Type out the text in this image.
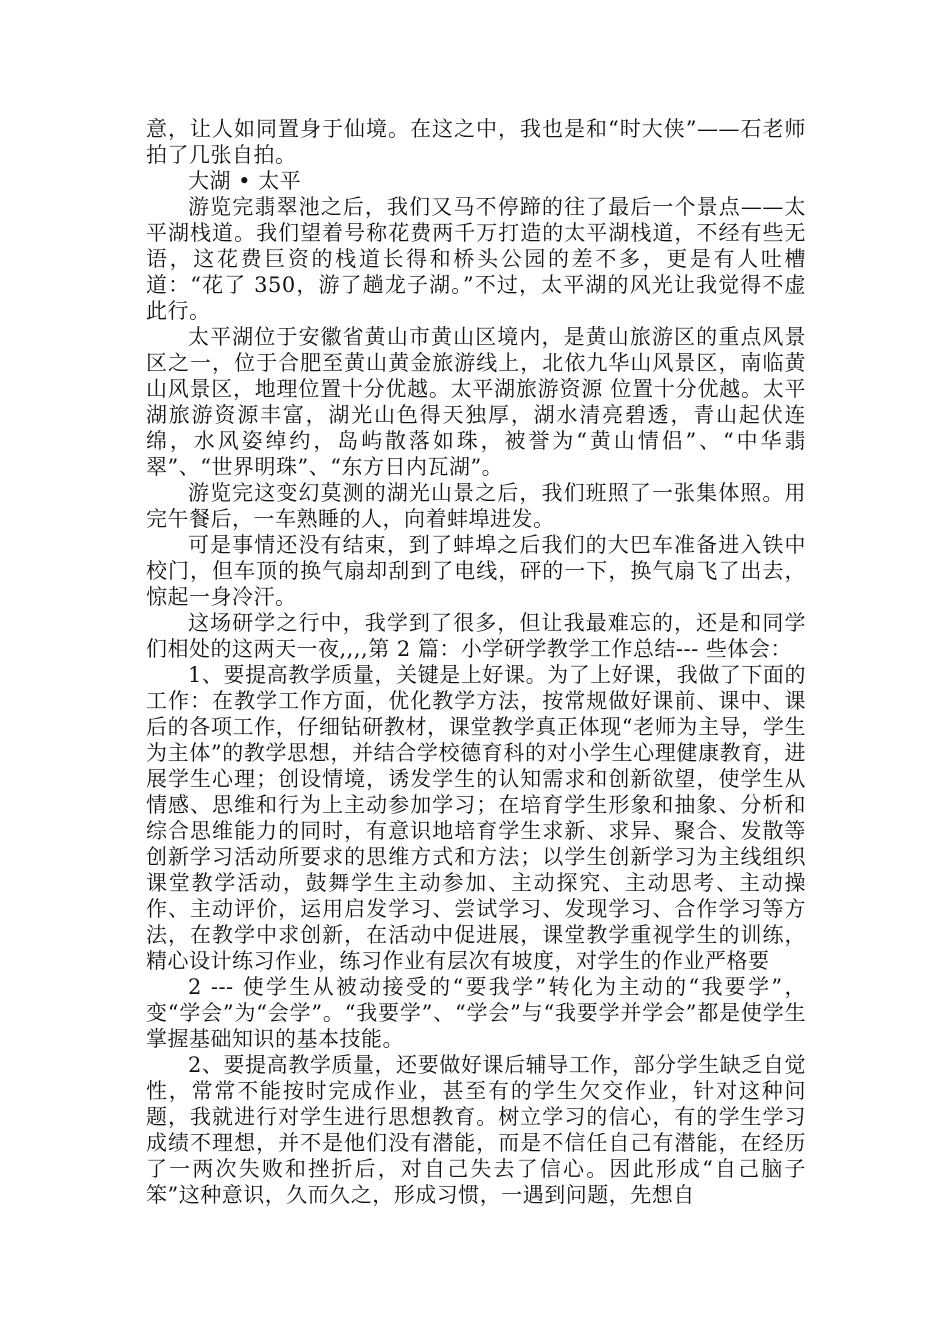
意，让人如同置身于仙境。在这之中，我也是和“时大侠”——石老师拍了几张自拍。

大湖 • 太平

游览完翡翠池之后，我们又马不停蹄的往了最后一个景点——太平湖栈道。我们望着号称花费两千万打造的太平湖栈道，不经有些无语，这花费巨资的栈道长得和桥头公园的差不多，更是有人吐槽道：“花了 350，游了趟龙子湖。”不过，太平湖的风光让我觉得不虚此行。

太平湖位于安徽省黄山市黄山区境内，是黄山旅游区的重点风景区之一，位于合肥至黄山黄金旅游线上，北依九华山风景区，南临黄山风景区，地理位置十分优越。太平湖旅游资源 位置十分优越。太平湖旅游资源丰富，湖光山色得天独厚，湖水清亮碧透，青山起伏连绵，水风姿绰约，岛屿散落如珠，被誉为“黄山情侣”、“中华翡翠”、“世界明珠”、“东方日内瓦湖”。

游览完这变幻莫测的湖光山景之后，我们班照了一张集体照。用完午餐后，一车熟睡的人，向着蚌埠进发。

可是事情还没有结束，到了蚌埠之后我们的大巴车准备进入铁中校门，但车顶的换气扇却刮到了电线，砰的一下，换气扇飞了出去，惊起一身冷汗。

这场研学之行中，我学到了很多，但让我最难忘的，还是和同学们相处的这两天一夜,,,,第 2 篇：小学研学教学工作总结--- 些体会：

1、要提高教学质量，关键是上好课。为了上好课，我做了下面的工作：在教学工作方面，优化教学方法，按常规做好课前、课中、课后的各项工作，仔细钻研教材，课堂教学真正体现“老师为主导，学生为主体”的教学思想，并结合学校德育科的对小学生心理健康教育，进展学生心理；创设情境，诱发学生的认知需求和创新欲望，使学生从情感、思维和行为上主动参加学习；在培育学生形象和抽象、分析和综合思维能力的同时，有意识地培育学生求新、求异、聚合、发散等创新学习活动所要求的思维方式和方法；以学生创新学习为主线组织课堂教学活动，鼓舞学生主动参加、主动探究、主动思考、主动操作、主动评价，运用启发学习、尝试学习、发现学习、合作学习等方法，在教学中求创新，在活动中促进展，课堂教学重视学生的训练，精心设计练习作业，练习作业有层次有坡度，对学生的作业严格要

2 --- 使学生从被动接受的“要我学”转化为主动的“我要学”，变“学会”为“会学”。“我要学”、“学会”与“我要学并学会”都是使学生掌握基础知识的基本技能。

2、要提高教学质量，还要做好课后辅导工作，部分学生缺乏自觉性，常常不能按时完成作业，甚至有的学生欠交作业，针对这种问题，我就进行对学生进行思想教育。树立学习的信心，有的学生学习成绩不理想，并不是他们没有潜能，而是不信任自己有潜能，在经历了一两次失败和挫折后，对自己失去了信心。因此形成“自己脑子笨”这种意识，久而久之，形成习惯，一遇到问题，先想自
